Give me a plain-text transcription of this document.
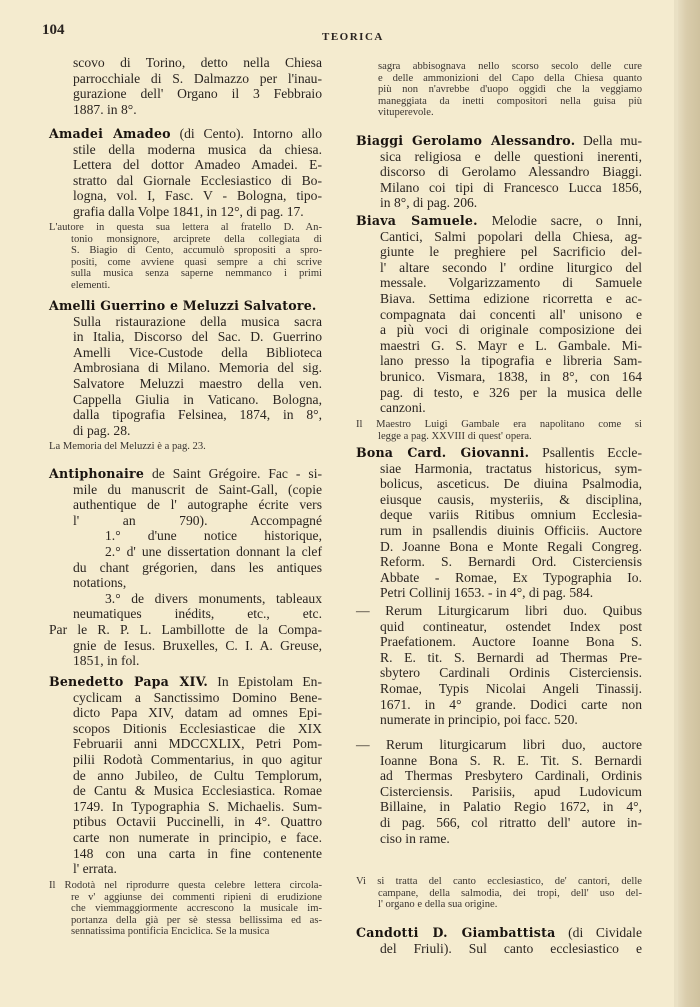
104	TEORICA
scovo di Torino, detto nella Chiesa
parrocchiale di S. Dalmazzo per l'inau-
gurazione dell' Organo il 3 Febbraio
1887. in 8°.
Amadei Amadeo (di Cento). Intorno allo
stile della moderna musica da chiesa.
Lettera del dottor Amadeo Amadei. E-
stratto dal Giornale Ecclesiastico di Bo-
logna, vol. I, Fasc. V - Bologna, tipo-
grafia dalla Volpe 1841, in 12°, di pag. 17.
L'autore in questa sua lettera al fratello D. An-
tonio monsignore, arciprete della collegiata di
S. Biagio di Cento, accumulò spropositi a spro-
positi, come avviene quasi sempre a chi scrive
sulla musica senza saperne nemmanco i primi
elementi.
Amelli Guerrino e Meluzzi Salvatore.
Sulla ristaurazione della musica sacra
in Italia, Discorso del Sac. D. Guerrino
Amelli Vice-Custode della Biblioteca
Ambrosiana di Milano. Memoria del sig.
Salvatore Meluzzi maestro della ven.
Cappella Giulia in Vaticano. Bologna,
dalla tipografia Felsinea, 1874, in 8°,
di pag. 28.
La Memoria del Meluzzi è a pag. 23.
Antiphonaire de Saint Grégoire. Fac - si-
mile du manuscrit de Saint-Gall, (copie
authentique de l' autographe écrite vers
l' an 790). Accompagné
1.° d'une notice historique,
2.° d' une dissertation donnant la clef
du chant grégorien, dans les antiques
notations,
3.° de divers monuments, tableaux
neumatiques inédits, etc., etc.
Par le R. P. L. Lambillotte de la Compa-
gnie de Iesus. Bruxelles, C. I. A. Greuse,
1851, in fol.
Benedetto Papa XIV. In Epistolam En-
cyclicam a Sanctissimo Domino Bene-
dicto Papa XIV, datam ad omnes Epi-
scopos Ditionis Ecclesiasticae die XIX
Februarii anni MDCCXLIX, Petri Pom-
pilii Rodotà Commentarius, in quo agitur
de anno Jubileo, de Cultu Templorum,
de Cantu & Musica Ecclesiastica. Romae
1749. In Typographia S. Michaelis. Sum-
ptibus Octavii Puccinelli, in 4°. Quattro
carte non numerate in principio, e face.
148 con una carta in fine contenente
l' errata.
Il Rodotà nel riprodurre questa celebre lettera circola-
re v' aggiunse dei commenti ripieni di erudizione
che viemmaggiormente accrescono la musicale im-
portanza della già per sè stessa bellissima ed as-
sennatissima pontificia Enciclica. Se la musica
sagra abbisognava nello scorso secolo delle cure
e delle ammonizioni del Capo della Chiesa quanto
più non n'avrebbe d'uopo oggidì che la veggiamo
maneggiata da inetti compositori nella guisa più
vituperevole.
Biaggi Gerolamo Alessandro. Della mu-
sica religiosa e delle questioni inerenti,
discorso di Gerolamo Alessandro Biaggi.
Milano coi tipi di Francesco Lucca 1856,
in 8°, di pag. 206.
Biava Samuele. Melodie sacre, o Inni,
Cantici, Salmi popolari della Chiesa, ag-
giunte le preghiere pel Sacrificio del-
l' altare secondo l' ordine liturgico del
messale. Volgarizzamento di Samuele
Biava. Settima edizione ricorretta e ac-
compagnata dai concenti all' unisono e
a più voci di originale composizione dei
maestri G. S. Mayr e L. Gambale. Mi-
lano presso la tipografia e libreria Sam-
brunico. Vismara, 1838, in 8°, con 164
pag. di testo, e 326 per la musica delle
canzoni.
Il Maestro Luigi Gambale era napolitano come si
legge a pag. XXVIII di quest' opera.
Bona Card. Giovanni. Psallentis Eccle-
siae Harmonia, tractatus historicus, sym-
bolicus, asceticus. De diuina Psalmodia,
eiusque causis, mysteriis, & disciplina,
deque variis Ritibus omnium Ecclesia-
rum in psallendis diuinis Officiis. Auctore
D. Joanne Bona e Monte Regali Congreg.
Reform. S. Bernardi Ord. Cisterciensis
Abbate - Romae, Ex Typographia Io.
Petri Collinij 1653. - in 4°, di pag. 584.
— Rerum Liturgicarum libri duo. Quibus
quid contineatur, ostendet Index post
Praefationem. Auctore Ioanne Bona S.
R. E. tit. S. Bernardi ad Thermas Pre-
sbytero Cardinali Ordinis Cisterciensis.
Romae, Typis Nicolai Angeli Tinassij.
1671. in 4° grande. Dodici carte non
numerate in principio, poi facc. 520.
— Rerum liturgicarum libri duo, auctore
Ioanne Bona S. R. E. Tit. S. Bernardi
ad Thermas Presbytero Cardinali, Ordinis
Cisterciensis. Parisiis, apud Ludovicum
Billaine, in Palatio Regio 1672, in 4°,
di pag. 566, col ritratto dell' autore in-
ciso in rame.
Vi si tratta del canto ecclesiastico, de' cantori, delle
campane, della salmodia, dei tropi, dell' uso del-
l' organo e della sua origine.
Candotti D. Giambattista (di Cividale
del Friuli). Sul canto ecclesiastico e
